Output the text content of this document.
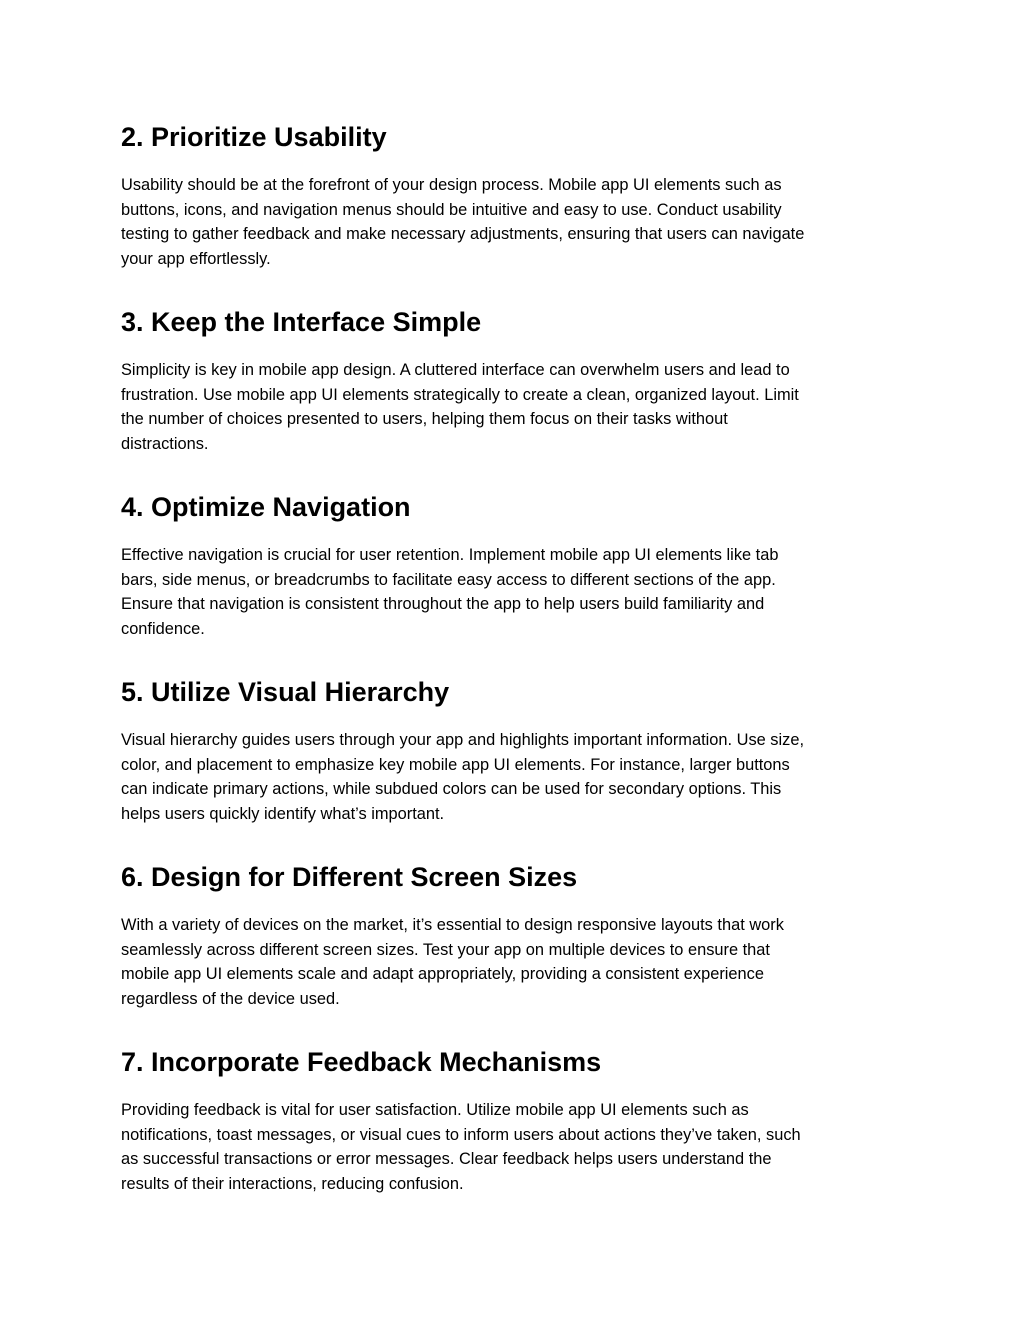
2. Prioritize Usability

Usability should be at the forefront of your design process. Mobile app UI elements such as
buttons, icons, and navigation menus should be intuitive and easy to use. Conduct usability
testing to gather feedback and make necessary adjustments, ensuring that users can navigate
your app effortlessly.

3. Keep the Interface Simple

Simplicity is key in mobile app design. A cluttered interface can overwhelm users and lead to
frustration. Use mobile app UI elements strategically to create a clean, organized layout. Limit
the number of choices presented to users, helping them focus on their tasks without
distractions.

4. Optimize Navigation

Effective navigation is crucial for user retention. Implement mobile app UI elements like tab
bars, side menus, or breadcrumbs to facilitate easy access to different sections of the app.
Ensure that navigation is consistent throughout the app to help users build familiarity and
confidence.

5. Utilize Visual Hierarchy

Visual hierarchy guides users through your app and highlights important information. Use size,
color, and placement to emphasize key mobile app UI elements. For instance, larger buttons
can indicate primary actions, while subdued colors can be used for secondary options. This
helps users quickly identify what’s important.

6. Design for Different Screen Sizes

With a variety of devices on the market, it’s essential to design responsive layouts that work
seamlessly across different screen sizes. Test your app on multiple devices to ensure that
mobile app UI elements scale and adapt appropriately, providing a consistent experience
regardless of the device used.

7. Incorporate Feedback Mechanisms

Providing feedback is vital for user satisfaction. Utilize mobile app UI elements such as
notifications, toast messages, or visual cues to inform users about actions they’ve taken, such
as successful transactions or error messages. Clear feedback helps users understand the
results of their interactions, reducing confusion.
